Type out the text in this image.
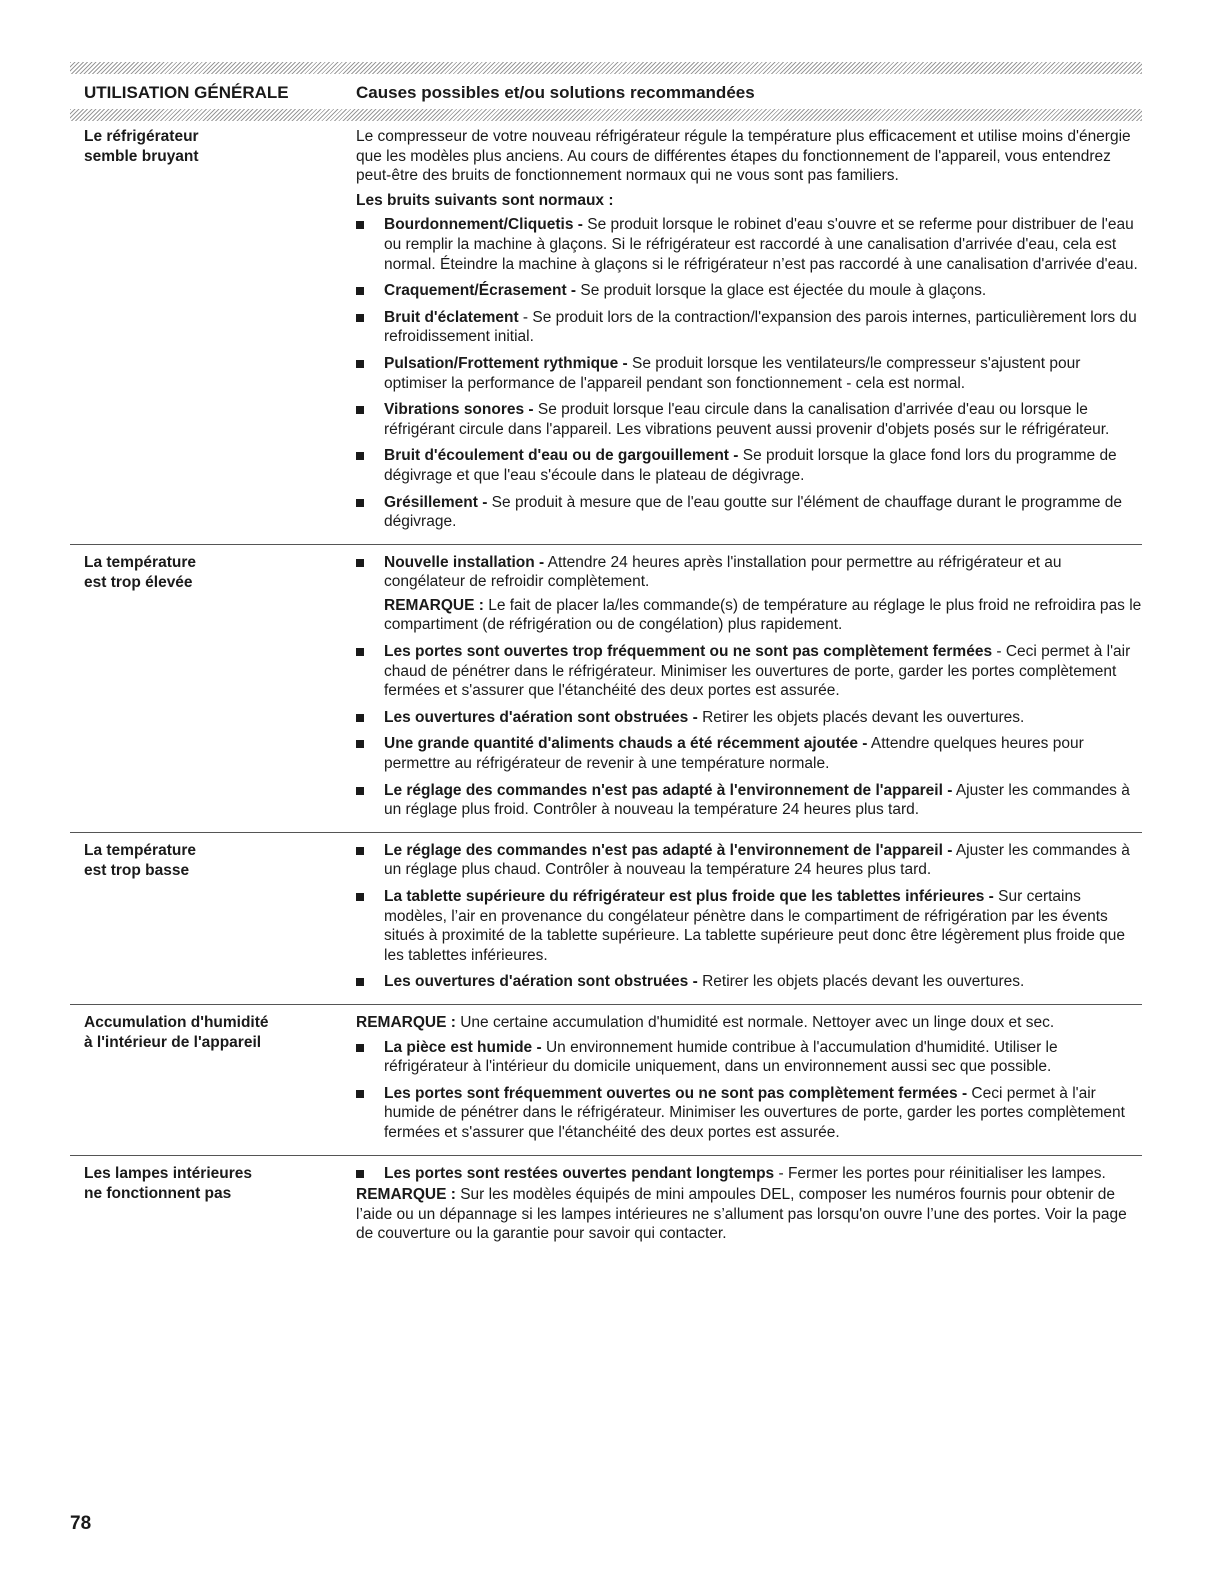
UTILISATION GÉNÉRALE	Causes possibles et/ou solutions recommandées
Le réfrigérateur
semble bruyant

Le compresseur de votre nouveau réfrigérateur régule la température plus efficacement et utilise moins d'énergie que les modèles plus anciens. Au cours de différentes étapes du fonctionnement de l'appareil, vous entendrez peut-être des bruits de fonctionnement normaux qui ne vous sont pas familiers.

Les bruits suivants sont normaux :

Bourdonnement/Cliquetis - Se produit lorsque le robinet d'eau s'ouvre et se referme pour distribuer de l'eau ou remplir la machine à glaçons. Si le réfrigérateur est raccordé à une canalisation d'arrivée d'eau, cela est normal. Éteindre la machine à glaçons si le réfrigérateur n’est pas raccordé à une canalisation d'arrivée d'eau.
Craquement/Écrasement - Se produit lorsque la glace est éjectée du moule à glaçons.
Bruit d'éclatement - Se produit lors de la contraction/l'expansion des parois internes, particulièrement lors du refroidissement initial.
Pulsation/Frottement rythmique - Se produit lorsque les ventilateurs/le compresseur s'ajustent pour optimiser la performance de l'appareil pendant son fonctionnement - cela est normal.
Vibrations sonores - Se produit lorsque l'eau circule dans la canalisation d'arrivée d'eau ou lorsque le réfrigérant circule dans l'appareil. Les vibrations peuvent aussi provenir d'objets posés sur le réfrigérateur.
Bruit d'écoulement d'eau ou de gargouillement - Se produit lorsque la glace fond lors du programme de dégivrage et que l'eau s'écoule dans le plateau de dégivrage.
Grésillement - Se produit à mesure que de l'eau goutte sur l'élément de chauffage durant le programme de dégivrage.
La température
est trop élevée
Nouvelle installation - Attendre 24 heures après l'installation pour permettre au réfrigérateur et au congélateur de refroidir complètement.
REMARQUE : Le fait de placer la/les commande(s) de température au réglage le plus froid ne refroidira pas le compartiment (de réfrigération ou de congélation) plus rapidement.
Les portes sont ouvertes trop fréquemment ou ne sont pas complètement fermées - Ceci permet à l'air chaud de pénétrer dans le réfrigérateur. Minimiser les ouvertures de porte, garder les portes complètement fermées et s'assurer que l'étanchéité des deux portes est assurée.
Les ouvertures d'aération sont obstruées - Retirer les objets placés devant les ouvertures.
Une grande quantité d'aliments chauds a été récemment ajoutée - Attendre quelques heures pour permettre au réfrigérateur de revenir à une température normale.
Le réglage des commandes n'est pas adapté à l'environnement de l'appareil - Ajuster les commandes à un réglage plus froid. Contrôler à nouveau la température 24 heures plus tard.
La température
est trop basse
Le réglage des commandes n'est pas adapté à l'environnement de l'appareil - Ajuster les commandes à un réglage plus chaud. Contrôler à nouveau la température 24 heures plus tard.
La tablette supérieure du réfrigérateur est plus froide que les tablettes inférieures - Sur certains modèles, l’air en provenance du congélateur pénètre dans le compartiment de réfrigération par les évents situés à proximité de la tablette supérieure. La tablette supérieure peut donc être légèrement plus froide que les tablettes inférieures.
Les ouvertures d'aération sont obstruées - Retirer les objets placés devant les ouvertures.
Accumulation d'humidité
à l'intérieur de l'appareil

REMARQUE : Une certaine accumulation d'humidité est normale. Nettoyer avec un linge doux et sec.

La pièce est humide - Un environnement humide contribue à l'accumulation d'humidité. Utiliser le réfrigérateur à l'intérieur du domicile uniquement, dans un environnement aussi sec que possible.
Les portes sont fréquemment ouvertes ou ne sont pas complètement fermées - Ceci permet à l'air humide de pénétrer dans le réfrigérateur. Minimiser les ouvertures de porte, garder les portes complètement fermées et s'assurer que l'étanchéité des deux portes est assurée.
Les lampes intérieures
ne fonctionnent pas
Les portes sont restées ouvertes pendant longtemps - Fermer les portes pour réinitialiser les lampes.

REMARQUE : Sur les modèles équipés de mini ampoules DEL, composer les numéros fournis pour obtenir de l’aide ou un dépannage si les lampes intérieures ne s’allument pas lorsqu'on ouvre l’une des portes. Voir la page de couverture ou la garantie pour savoir qui contacter.

78
